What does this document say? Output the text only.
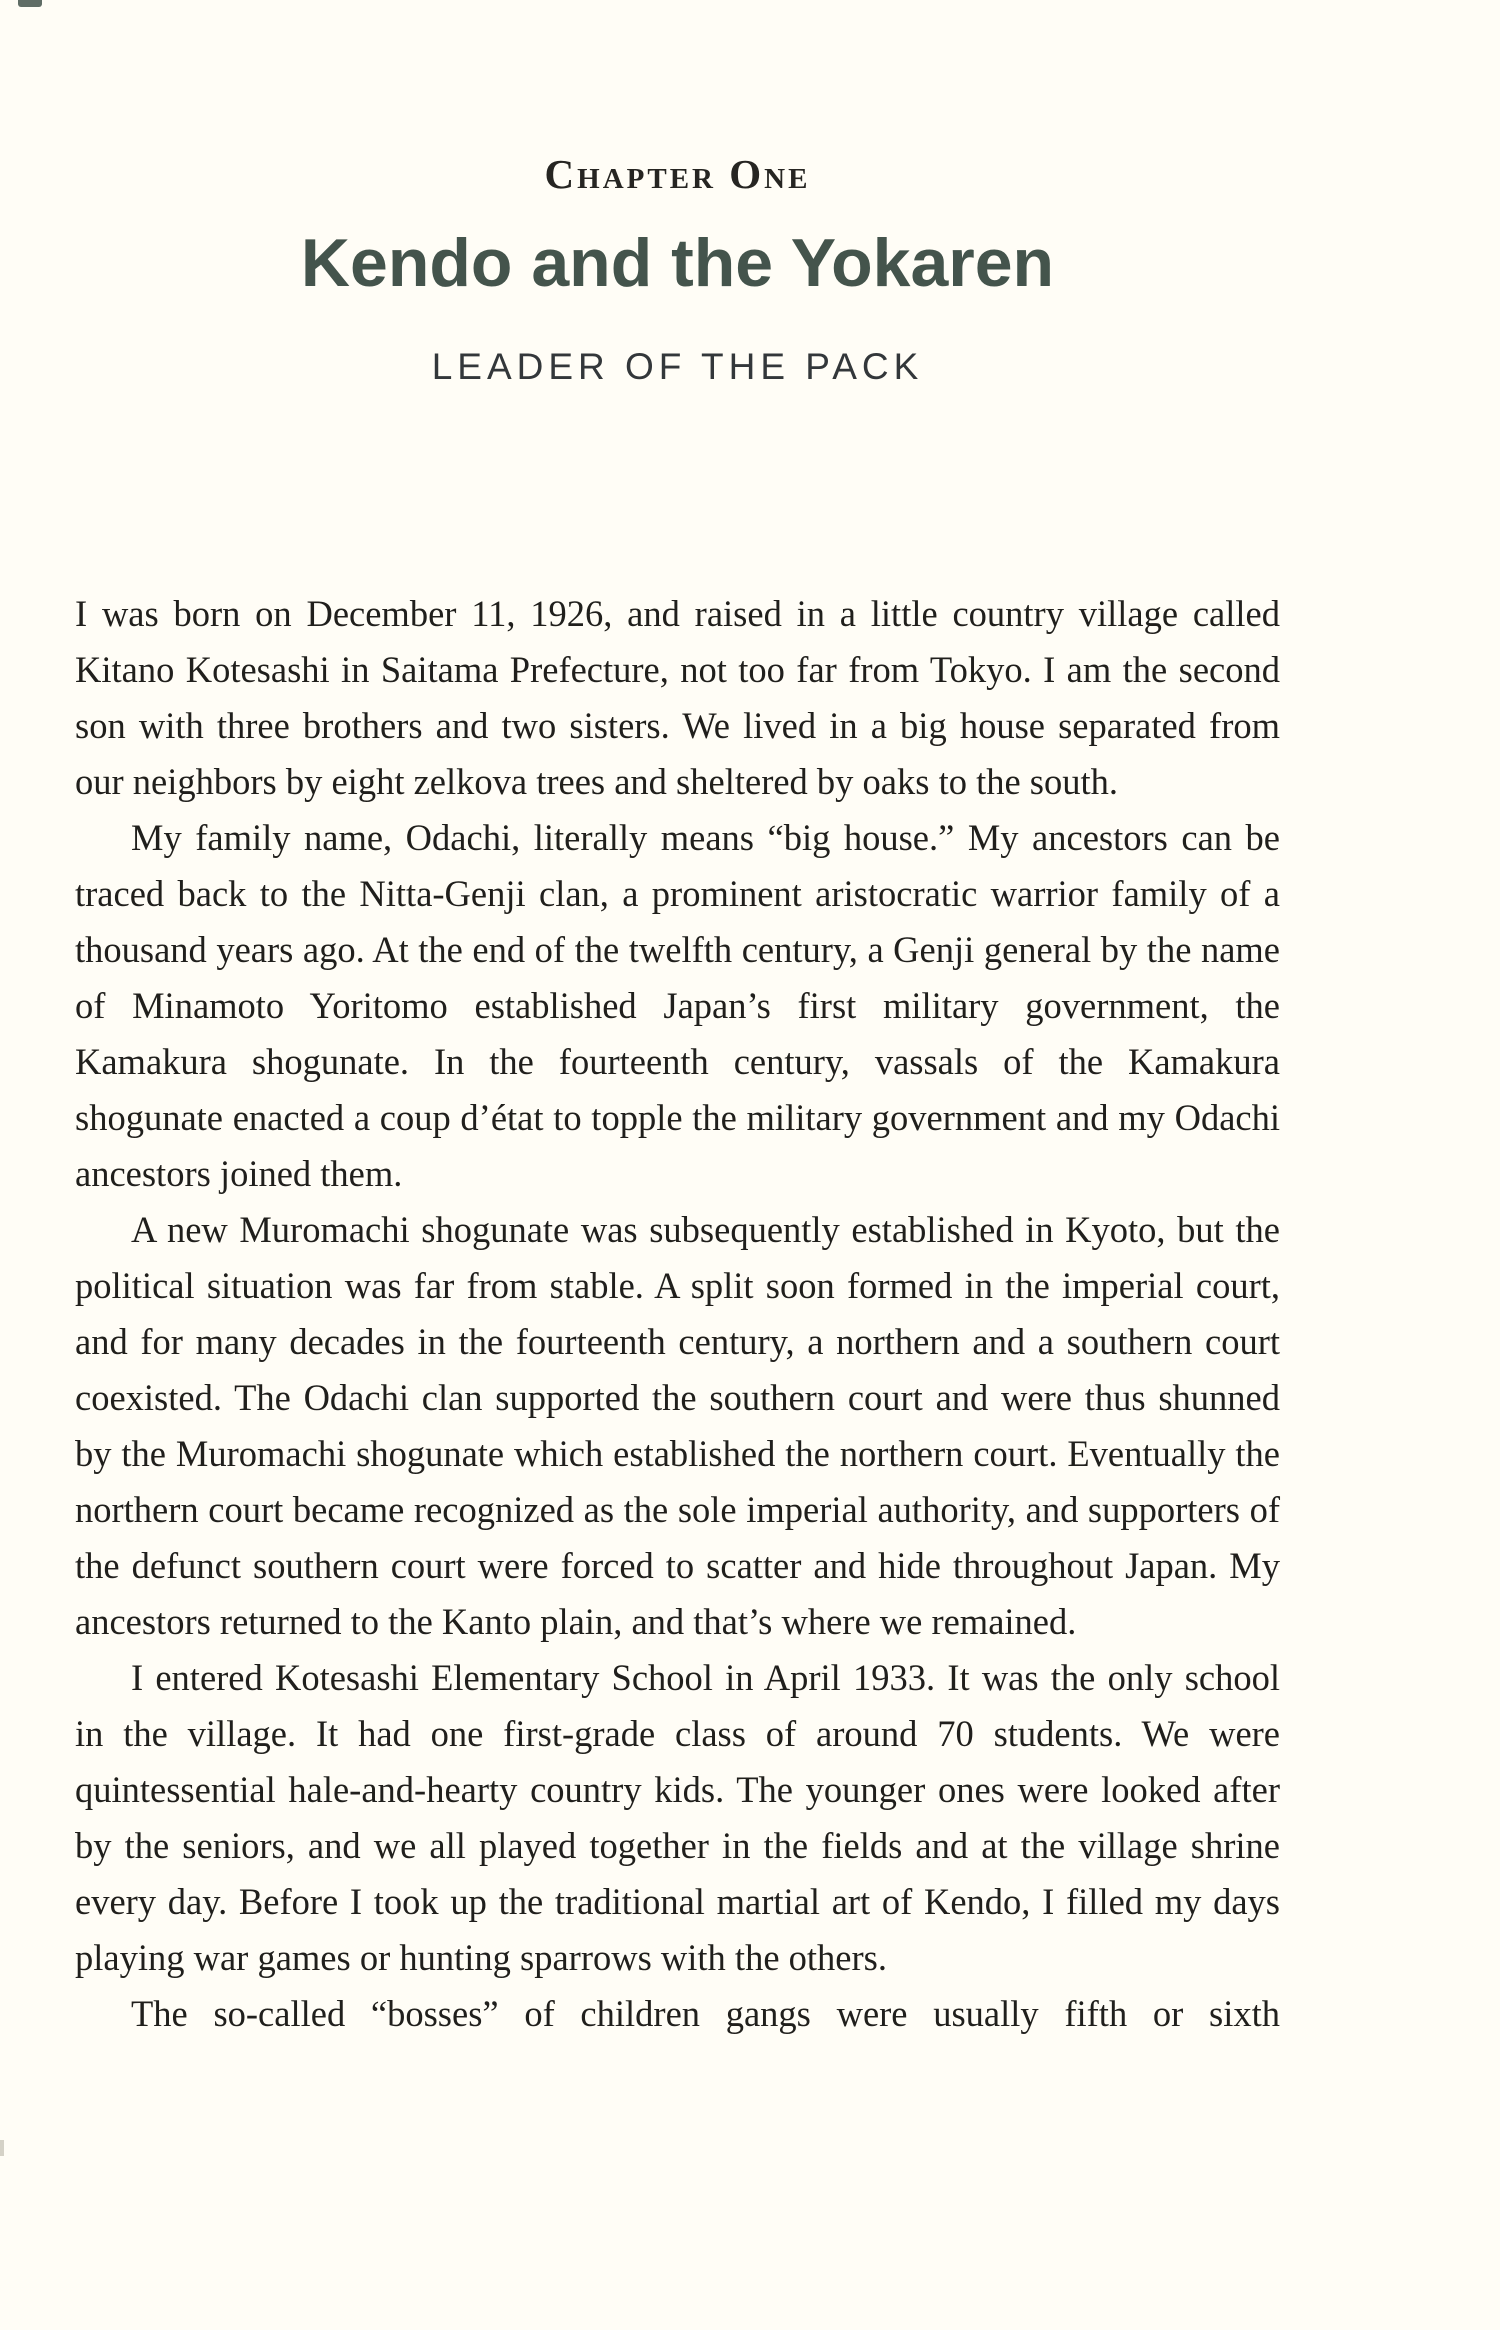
Chapter One
Kendo and the Yokaren
LEADER OF THE PACK

I was born on December 11, 1926, and raised in a little country village called Kitano Kotesashi in Saitama Prefecture, not too far from Tokyo. I am the second son with three brothers and two sisters. We lived in a big house separated from our neighbors by eight zelkova trees and sheltered by oaks to the south.

My family name, Odachi, literally means “big house.” My ancestors can be traced back to the Nitta-Genji clan, a prominent aristocratic warrior family of a thousand years ago. At the end of the twelfth century, a Genji general by the name of Minamoto Yoritomo established Japan’s first military government, the Kamakura shogunate. In the fourteenth century, vassals of the Kamakura shogunate enacted a coup d’état to topple the military government and my Odachi ancestors joined them.

A new Muromachi shogunate was subsequently established in Kyoto, but the political situation was far from stable. A split soon formed in the imperial court, and for many decades in the fourteenth century, a northern and a southern court coexisted. The Odachi clan supported the southern court and were thus shunned by the Muromachi shogunate which established the northern court. Eventually the northern court became recognized as the sole imperial authority, and supporters of the defunct southern court were forced to scatter and hide throughout Japan. My ancestors returned to the Kanto plain, and that’s where we remained.

I entered Kotesashi Elementary School in April 1933. It was the only school in the village. It had one first-grade class of around 70 students. We were quintessential hale-and-hearty country kids. The younger ones were looked after by the seniors, and we all played together in the fields and at the village shrine every day. Before I took up the traditional martial art of Kendo, I filled my days playing war games or hunting sparrows with the others.

The so-called “bosses” of children gangs were usually fifth or sixth
